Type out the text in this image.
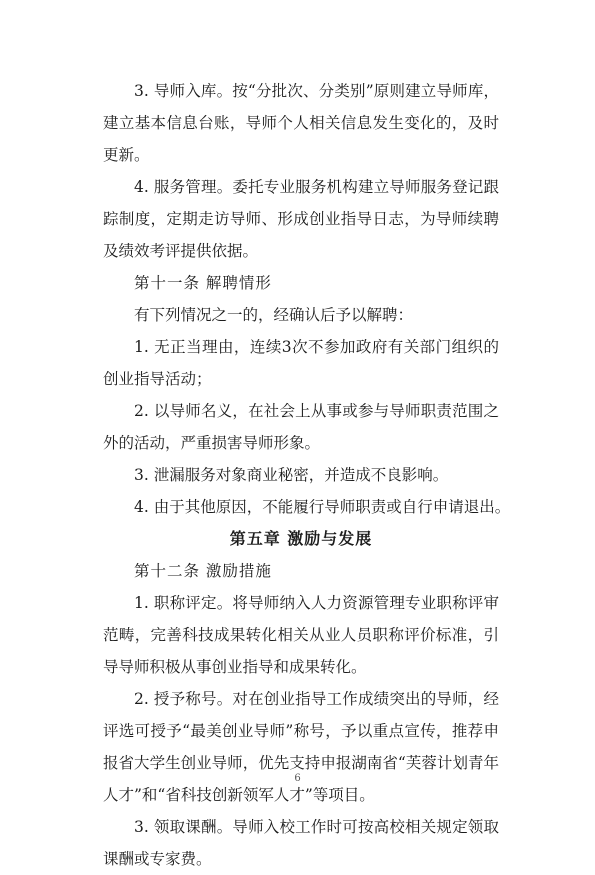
3. 导师入库。按“分批次、分类别”原则建立导师库，建立基本信息台账，导师个人相关信息发生变化的，及时更新。

4. 服务管理。委托专业服务机构建立导师服务登记跟踪制度，定期走访导师、形成创业指导日志，为导师续聘及绩效考评提供依据。

第十一条 解聘情形

有下列情况之一的，经确认后予以解聘：

1. 无正当理由，连续3次不参加政府有关部门组织的创业指导活动；

2. 以导师名义，在社会上从事或参与导师职责范围之外的活动，严重损害导师形象。

3. 泄漏服务对象商业秘密，并造成不良影响。

4. 由于其他原因，不能履行导师职责或自行申请退出。

第五章 激励与发展

第十二条 激励措施

1. 职称评定。将导师纳入人力资源管理专业职称评审范畴，完善科技成果转化相关从业人员职称评价标准，引导导师积极从事创业指导和成果转化。

2. 授予称号。对在创业指导工作成绩突出的导师，经评选可授予“最美创业导师”称号，予以重点宣传，推荐申报省大学生创业导师，优先支持申报湖南省“芙蓉计划青年人才”和“省科技创新领军人才”等项目。

3. 领取课酬。导师入校工作时可按高校相关规定领取课酬或专家费。

6
